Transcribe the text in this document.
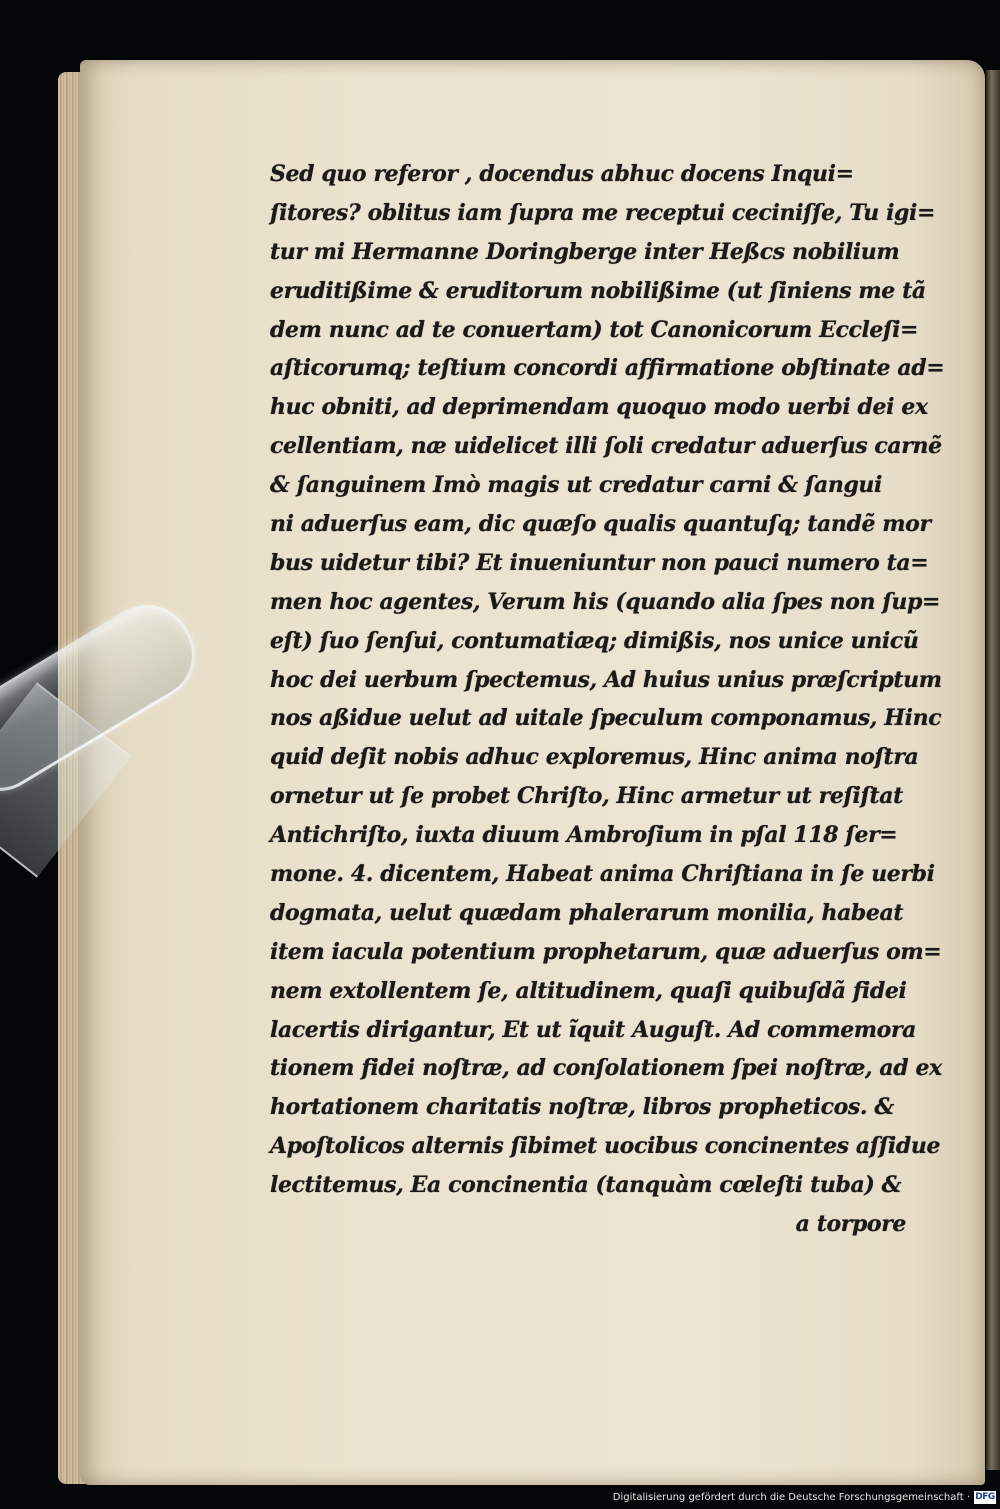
Sed quo referor , docendus abhuc docens Inqui=
ſitores? oblitus iam ſupra me receptui ceciniſſe, Tu igi=
tur mi Hermanne Doringberge inter Heßcs nobilium
eruditißime & eruditorum nobilißime (ut ſiniens me tã
dem nunc ad te conuertam) tot Canonicorum Eccleſi=
aſticorumq; teſtium concordi affirmatione obſtinate ad=
huc obniti, ad deprimendam quoquo modo uerbi dei ex
cellentiam, næ uidelicet illi ſoli credatur aduerſus carnẽ
& ſanguinem Imò magis ut credatur carni & ſangui
ni aduerſus eam, dic quæſo qualis quantuſq; tandẽ mor
bus uidetur tibi? Et inueniuntur non pauci numero ta=
men hoc agentes, Verum his (quando alia ſpes non ſup=
eſt) ſuo ſenſui, contumatiæq; dimißis, nos unice unicũ
hoc dei uerbum ſpectemus, Ad huius unius præſcriptum
nos aßidue uelut ad uitale ſpeculum componamus, Hinc
quid deſit nobis adhuc exploremus, Hinc anima noſtra
ornetur ut ſe probet Chriſto, Hinc armetur ut reſiſtat
Antichriſto, iuxta diuum Ambroſium in pſal 118 ſer=
mone. 4. dicentem, Habeat anima Chriſtiana in ſe uerbi
dogmata, uelut quædam phalerarum monilia, habeat
item iacula potentium prophetarum, quæ aduerſus om=
nem extollentem ſe, altitudinem, quaſi quibuſdã fidei
lacertis dirigantur, Et ut ĩquit Auguſt. Ad commemora
tionem fidei noſtræ, ad conſolationem ſpei noſtræ, ad ex
hortationem charitatis noſtræ, libros propheticos. &
Apoſtolicos alternis ſibimet uocibus concinentes aſſidue
lectitemus, Ea concinentia (tanquàm cœleſti tuba) &
a torpore
Digitalisierung gefördert durch die Deutsche Forschungsgemeinschaft · DFG
